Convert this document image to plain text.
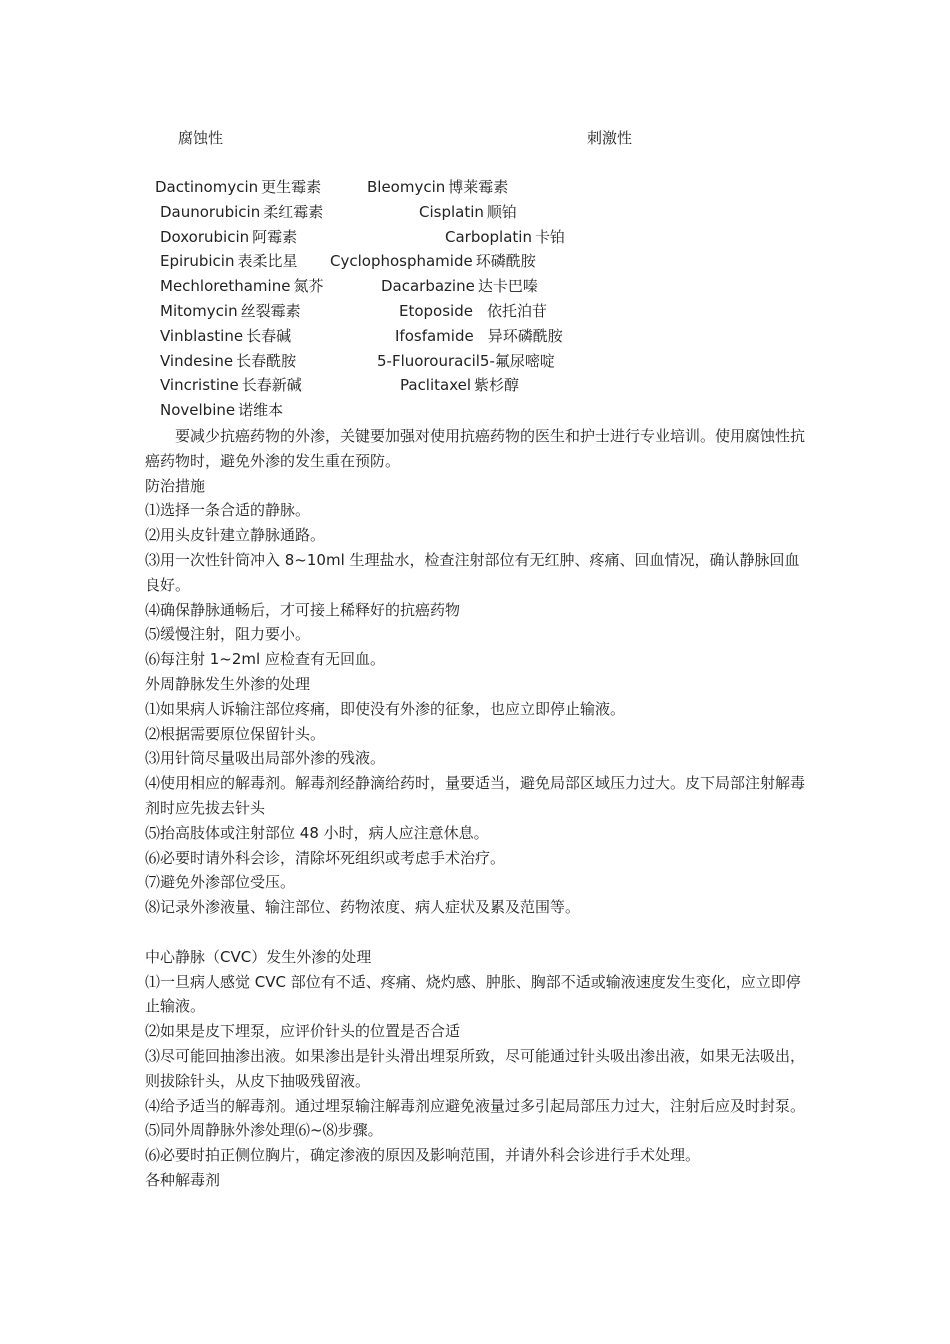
腐蚀性	刺激性
Dactinomycin 更生霉素
Daunorubicin 柔红霉素
Doxorubicin 阿霉素
Epirubicin 表柔比星
Mechlorethamine 氮芥
Mitomycin 丝裂霉素
Vinblastine 长春碱
Vindesine 长春酰胺
Vincristine 长春新碱
Novelbine 诺维本
Bleomycin 博莱霉素
Cisplatin 顺铂
Carboplatin 卡铂
Cyclophosphamide 环磷酰胺
Dacarbazine 达卡巴嗪
Etoposide 依托泊苷
Ifosfamide 异环磷酰胺
5-Fluorouracil5-氟尿嘧啶
Paclitaxel 紫杉醇

要减少抗癌药物的外渗，关键要加强对使用抗癌药物的医生和护士进行专业培训。使用腐蚀性抗癌药物时，避免外渗的发生重在预防。

防治措施

⑴选择一条合适的静脉。

⑵用头皮针建立静脉通路。

⑶用一次性针筒冲入 8~10ml 生理盐水，检查注射部位有无红肿、疼痛、回血情况，确认静脉回血良好。

⑷确保静脉通畅后，才可接上稀释好的抗癌药物

⑸缓慢注射，阻力要小。

⑹每注射 1~2ml 应检查有无回血。

外周静脉发生外渗的处理

⑴如果病人诉输注部位疼痛，即使没有外渗的征象，也应立即停止输液。

⑵根据需要原位保留针头。

⑶用针筒尽量吸出局部外渗的残液。

⑷使用相应的解毒剂。解毒剂经静滴给药时，量要适当，避免局部区域压力过大。皮下局部注射解毒剂时应先拔去针头

⑸抬高肢体或注射部位 48 小时，病人应注意休息。

⑹必要时请外科会诊，清除坏死组织或考虑手术治疗。

⑺避免外渗部位受压。

⑻记录外渗液量、输注部位、药物浓度、病人症状及累及范围等。

中心静脉（CVC）发生外渗的处理

⑴一旦病人感觉 CVC 部位有不适、疼痛、烧灼感、肿胀、胸部不适或输液速度发生变化，应立即停止输液。

⑵如果是皮下埋泵，应评价针头的位置是否合适

⑶尽可能回抽渗出液。如果渗出是针头滑出埋泵所致，尽可能通过针头吸出渗出液，如果无法吸出，则拔除针头，从皮下抽吸残留液。

⑷给予适当的解毒剂。通过埋泵输注解毒剂应避免液量过多引起局部压力过大，注射后应及时封泵。

⑸同外周静脉外渗处理⑹~⑻步骤。

⑹必要时拍正侧位胸片，确定渗液的原因及影响范围，并请外科会诊进行手术处理。

各种解毒剂
